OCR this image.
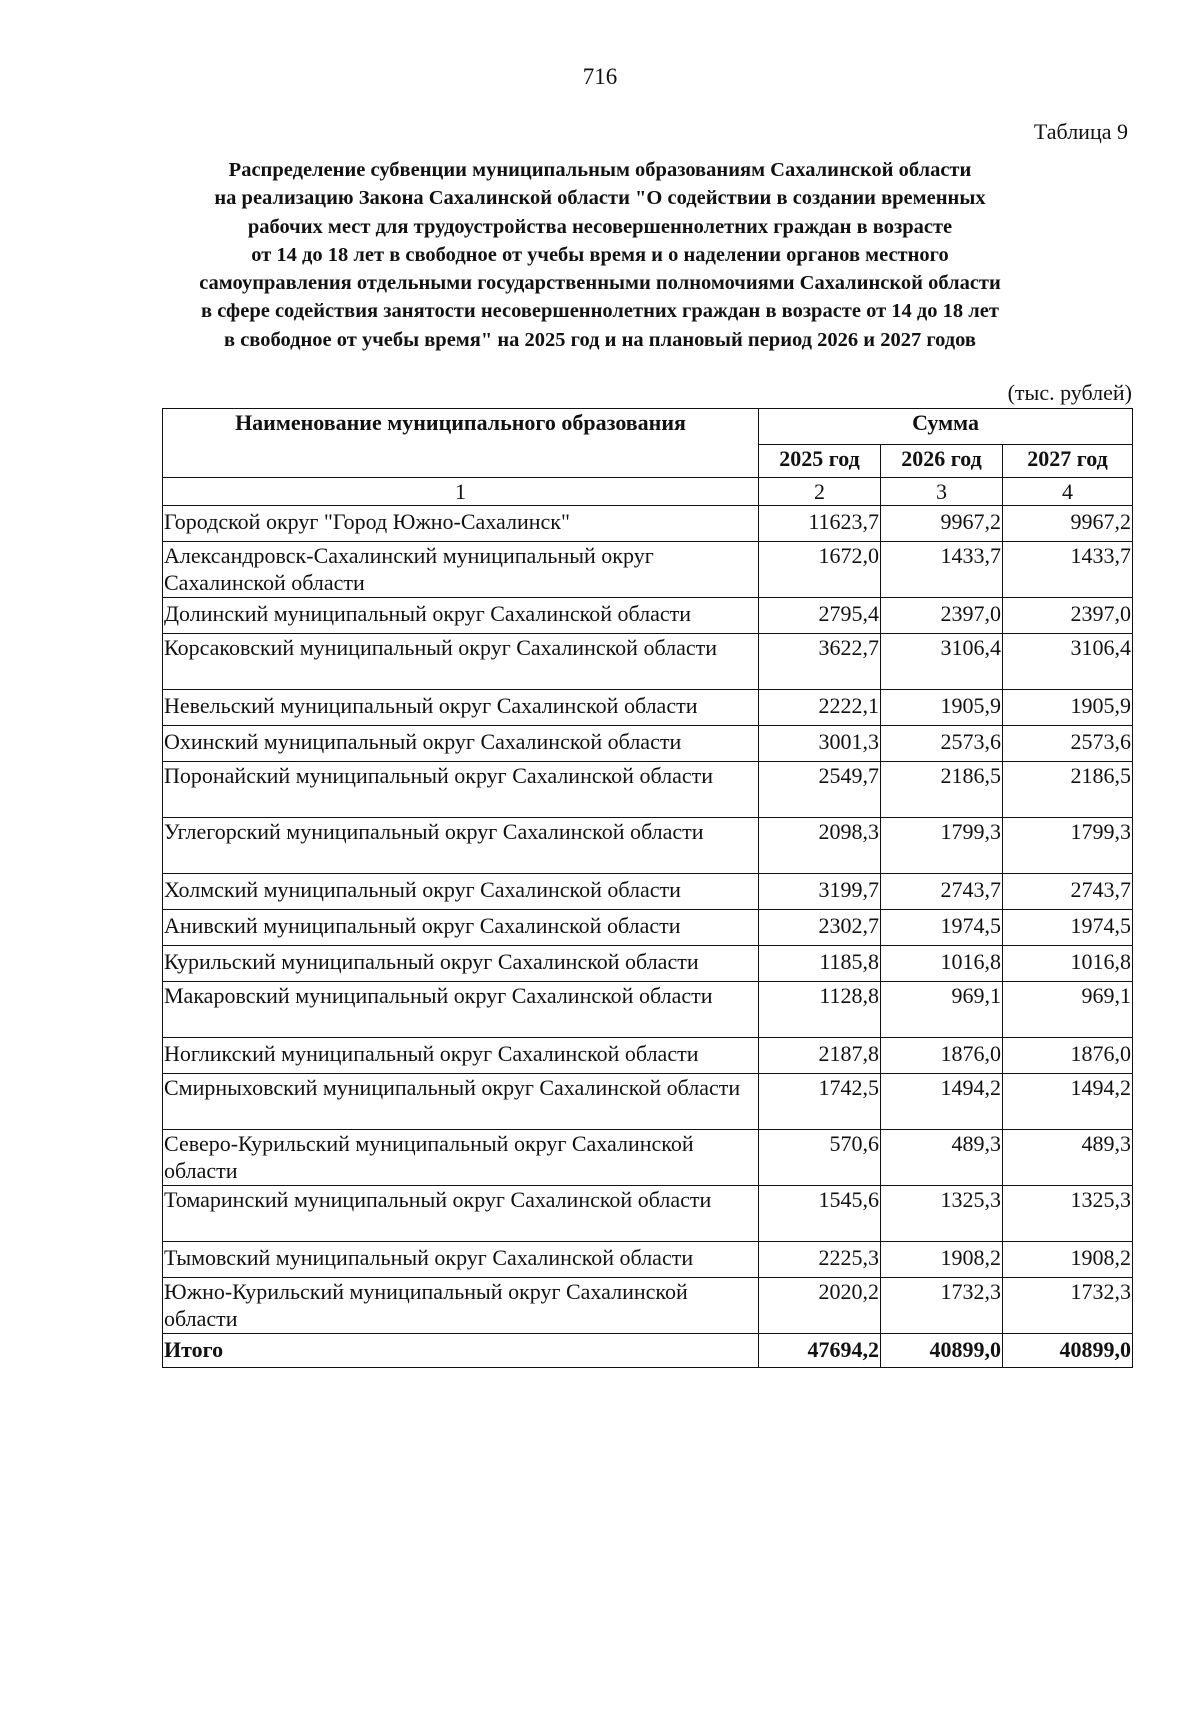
716
Таблица 9
Распределение субвенции муниципальным образованиям Сахалинской области
на реализацию Закона Сахалинской области "О содействии в создании временных
рабочих мест для трудоустройства несовершеннолетних граждан в возрасте
от 14 до 18 лет в свободное от учебы время и о наделении органов местного
самоуправления отдельными государственными полномочиями Сахалинской области
в сфере содействия занятости несовершеннолетних граждан в возрасте от 14 до 18 лет
в свободное от учебы время" на 2025 год и на плановый период 2026 и 2027 годов
(тыс. рублей)
Наименование муниципального образования	Сумма		
	2025 год	2026 год	2027 год
1	2	3	4
Городской округ "Город Южно-Сахалинск"	11623,7	9967,2	9967,2
Александровск-Сахалинский муниципальный округ Сахалинской области	1672,0	1433,7	1433,7
Долинский муниципальный округ Сахалинской области	2795,4	2397,0	2397,0
Корсаковский муниципальный округ Сахалинской области	3622,7	3106,4	3106,4
Невельский муниципальный округ Сахалинской области	2222,1	1905,9	1905,9
Охинский муниципальный округ Сахалинской области	3001,3	2573,6	2573,6
Поронайский муниципальный округ Сахалинской области	2549,7	2186,5	2186,5
Углегорский муниципальный округ Сахалинской области	2098,3	1799,3	1799,3
Холмский муниципальный округ Сахалинской области	3199,7	2743,7	2743,7
Анивский муниципальный округ Сахалинской области	2302,7	1974,5	1974,5
Курильский муниципальный округ Сахалинской области	1185,8	1016,8	1016,8
Макаровский муниципальный округ Сахалинской области	1128,8	969,1	969,1
Ногликский муниципальный округ Сахалинской области	2187,8	1876,0	1876,0
Смирныховский муниципальный округ Сахалинской области	1742,5	1494,2	1494,2
Северо-Курильский муниципальный округ Сахалинской области	570,6	489,3	489,3
Томаринский муниципальный округ Сахалинской области	1545,6	1325,3	1325,3
Тымовский муниципальный округ Сахалинской области	2225,3	1908,2	1908,2
Южно-Курильский муниципальный округ Сахалинской области	2020,2	1732,3	1732,3
Итого	47694,2	40899,0	40899,0
